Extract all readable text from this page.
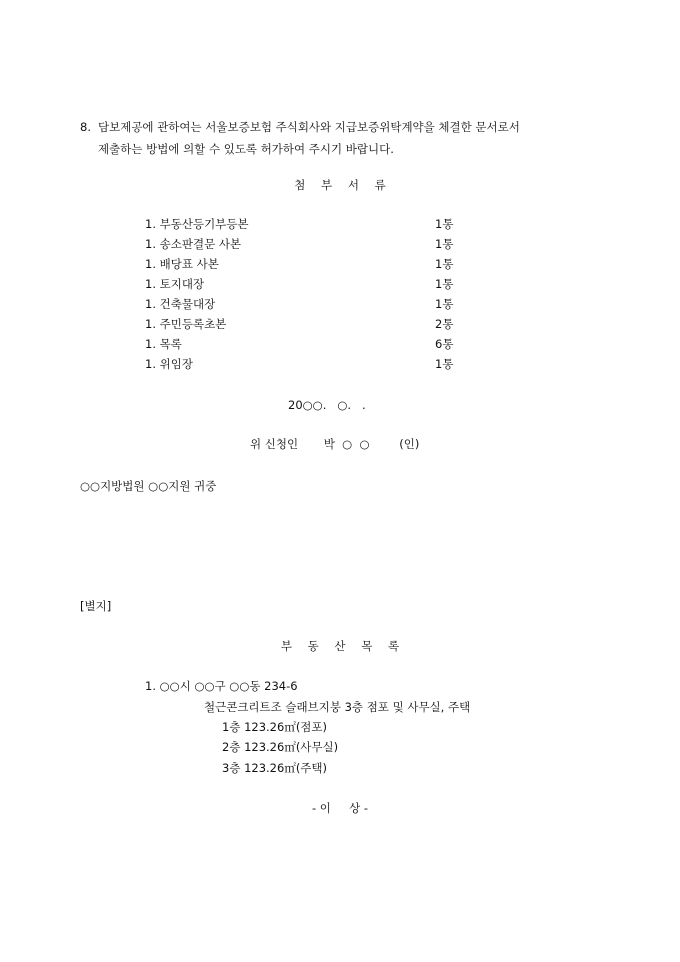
8. 담보제공에 관하여는 서울보증보험 주식회사와 지급보증위탁계약을 체결한 문서로서
제출하는 방법에 의할 수 있도록 허가하여 주시기 바랍니다.
첨 부 서 류
1. 부동산등기부등본	1통
1. 송소판결문 사본	1통
1. 배당표 사본	1통
1. 토지대장	1통
1. 건축물대장	1통
1. 주민등록초본	2통
1. 목록	6통
1. 위임장	1통
20○○.   ○.   .
위 신청인 박  ○  ○	(인)
○○지방법원 ○○지원 귀중
[별지]
부 동 산 목 록
1. ○○시 ○○구 ○○동 234-6
철근콘크리트조 슬래브지붕 3층 점포 및 사무실, 주택
1층 123.26㎡(점포)
2층 123.26㎡(사무실)
3층 123.26㎡(주택)
- 이     상 -
